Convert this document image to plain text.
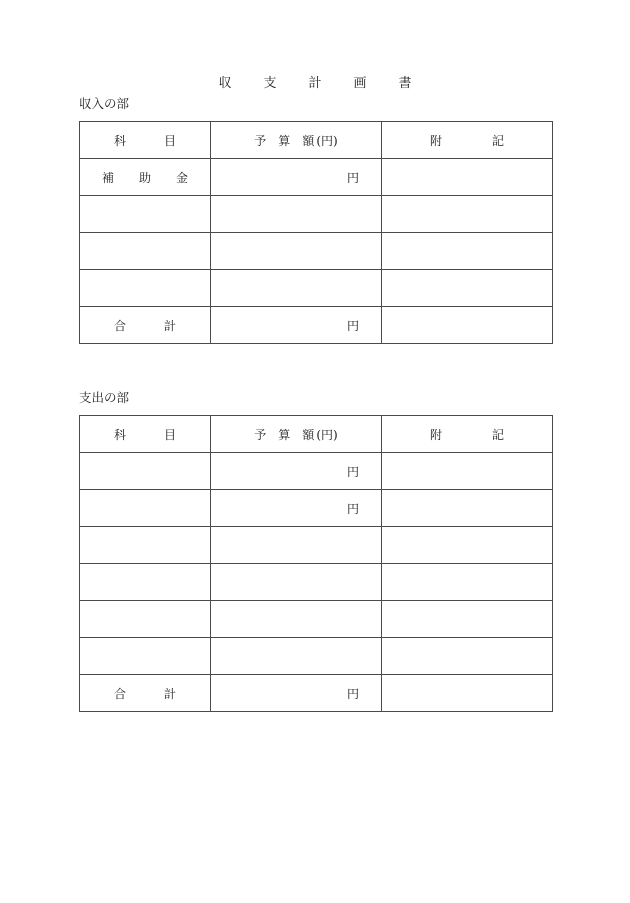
収 支 計 画 書
収入の部
科 目	予 算 額 (円)	附 記

補 助 金	円	

合 計	円	
支出の部
科 目	予 算 額 (円)	附 記

	円	
	円	

合 計	円	
